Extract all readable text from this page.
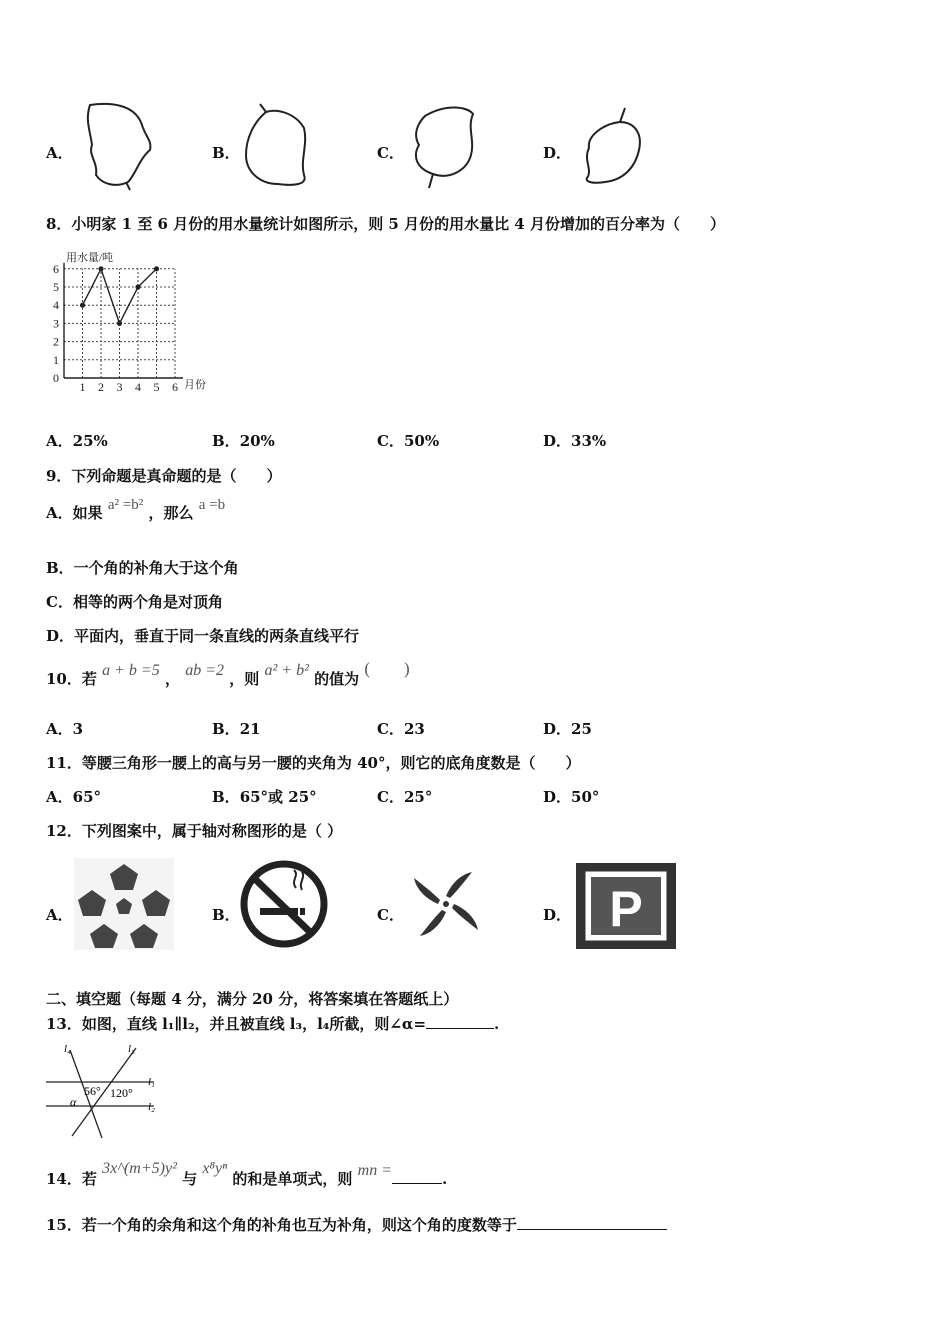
A．	B．	C．	D．
8．小明家 1 至 6 月份的用水量统计如图所示，则 5 月份的用水量比 4 月份增加的百分率为（　　）
0
1
2
3
4
5
6
1 2 3 4 5 6
用水量/吨
月份
A．25%	B．20%	C．50%	D．33%
9．下列命题是真命题的是（　　）
A．如果 a² =b² ，那么 a =b
B．一个角的补角大于这个角
C．相等的两个角是对顶角
D．平面内，垂直于同一条直线的两条直线平行
10．若 a + b =5 ， ab =2 ，则 a² + b² 的值为 (　　)
A．3	B．21	C．23	D．25
11．等腰三角形一腰上的高与另一腰的夹角为 40°，则它的底角度数是（　　）
A．65°	B．65°或 25°	C．25°	D．50°
12．下列图案中，属于轴对称图形的是（ ）
A．	B．	C．	D． P
二、填空题（每题 4 分，满分 20 分，将答案填在答题纸上）
13．如图，直线 l₁∥l₂，并且被直线 l₃，l₄所截，则∠α=	.
l₄	l₃
l₁
l₂
56° 120°
α
14．若 3x^(m+5)y² 与 x⁸yⁿ 的和是单项式，则 mn =	.
15．若一个角的余角和这个角的补角也互为补角，则这个角的度数等于
